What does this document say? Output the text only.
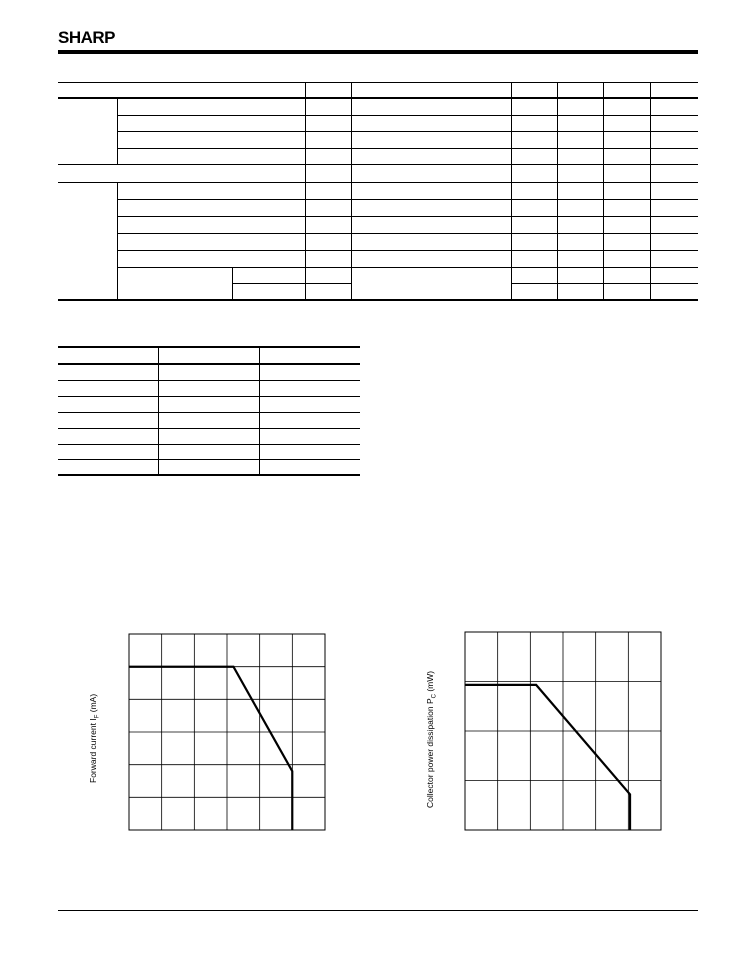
SHARP
Forward current $I_F$ (mA)	Collector power dissipation $P_C$ (mW)
